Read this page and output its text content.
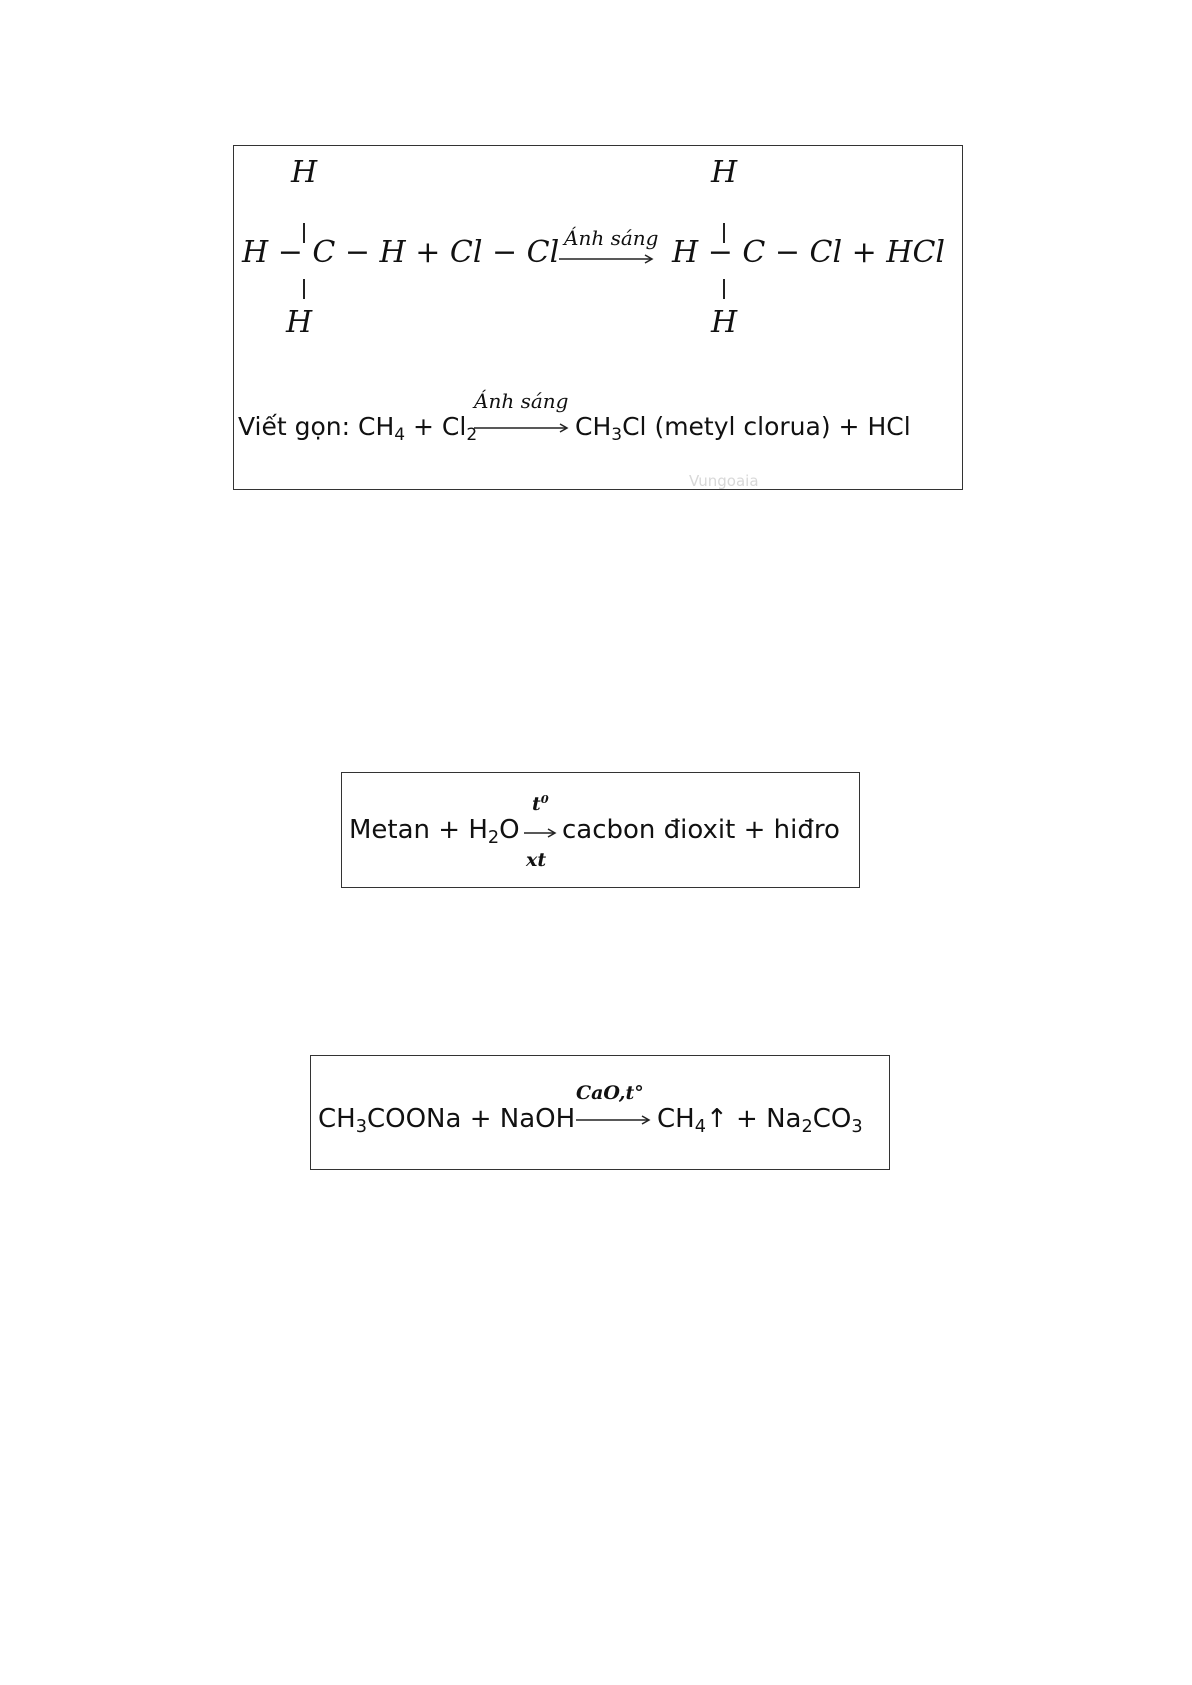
H	H
H − C − H + Cl − Cl Ánh sáng H − C − Cl + HCl
H	H
Ánh sáng
Viết gọn: $CH_4 + Cl_2$	$CH_3Cl$ (metyl clorua) + HCl
Vungoaia
$Metan + H_2O$
$t^0$
xt
cacbon đioxit + hiđro
$CH_3COONa$ + NaOH
CaO,t°
$CH_4↑ + Na_2CO_3$
